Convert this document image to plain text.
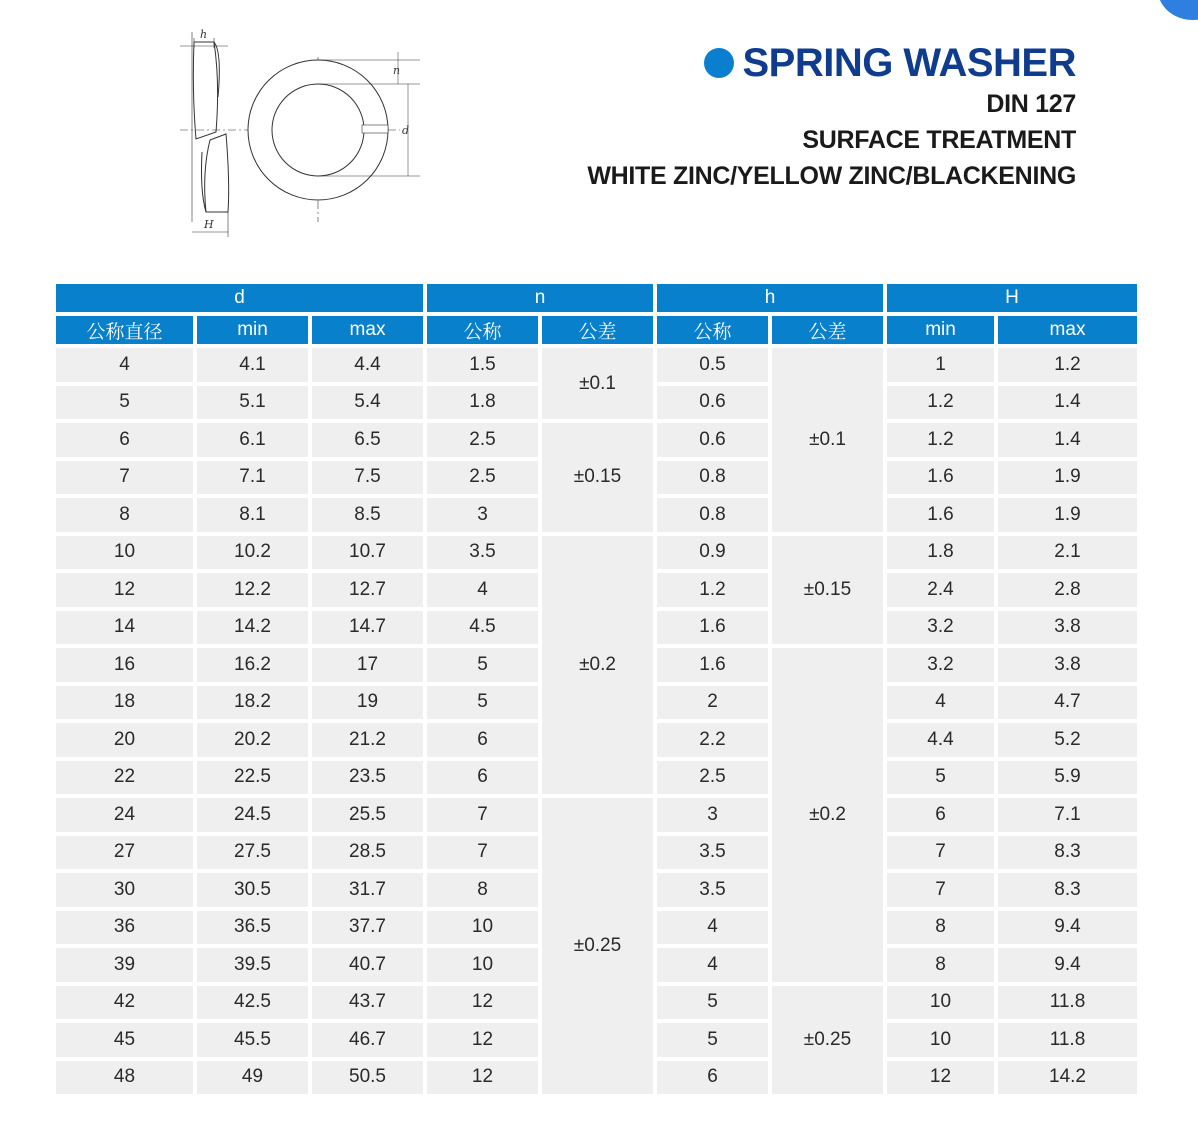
h
n
d
H
SPRING WASHER
DIN 127
SURFACE TREATMENT
WHITE ZINC/YELLOW ZINC/BLACKENING
d			n		h		H	
公称直径	min	max	公称	公差	公称	公差	min	max
4	4.1	4.4	1.5	±0.1	0.5	±0.1	1	1.2
5	5.1	5.4	1.8		0.6		1.2	1.4
6	6.1	6.5	2.5	±0.15	0.6		1.2	1.4
7	7.1	7.5	2.5		0.8		1.6	1.9
8	8.1	8.5	3		0.8		1.6	1.9
10	10.2	10.7	3.5	±0.2	0.9	±0.15	1.8	2.1
12	12.2	12.7	4		1.2		2.4	2.8
14	14.2	14.7	4.5		1.6		3.2	3.8
16	16.2	17	5		1.6	±0.2	3.2	3.8
18	18.2	19	5		2		4	4.7
20	20.2	21.2	6		2.2		4.4	5.2
22	22.5	23.5	6		2.5		5	5.9
24	24.5	25.5	7	±0.25	3		6	7.1
27	27.5	28.5	7		3.5		7	8.3
30	30.5	31.7	8		3.5		7	8.3
36	36.5	37.7	10		4		8	9.4
39	39.5	40.7	10		4		8	9.4
42	42.5	43.7	12		5	±0.25	10	11.8
45	45.5	46.7	12		5		10	11.8
48	49	50.5	12		6		12	14.2
